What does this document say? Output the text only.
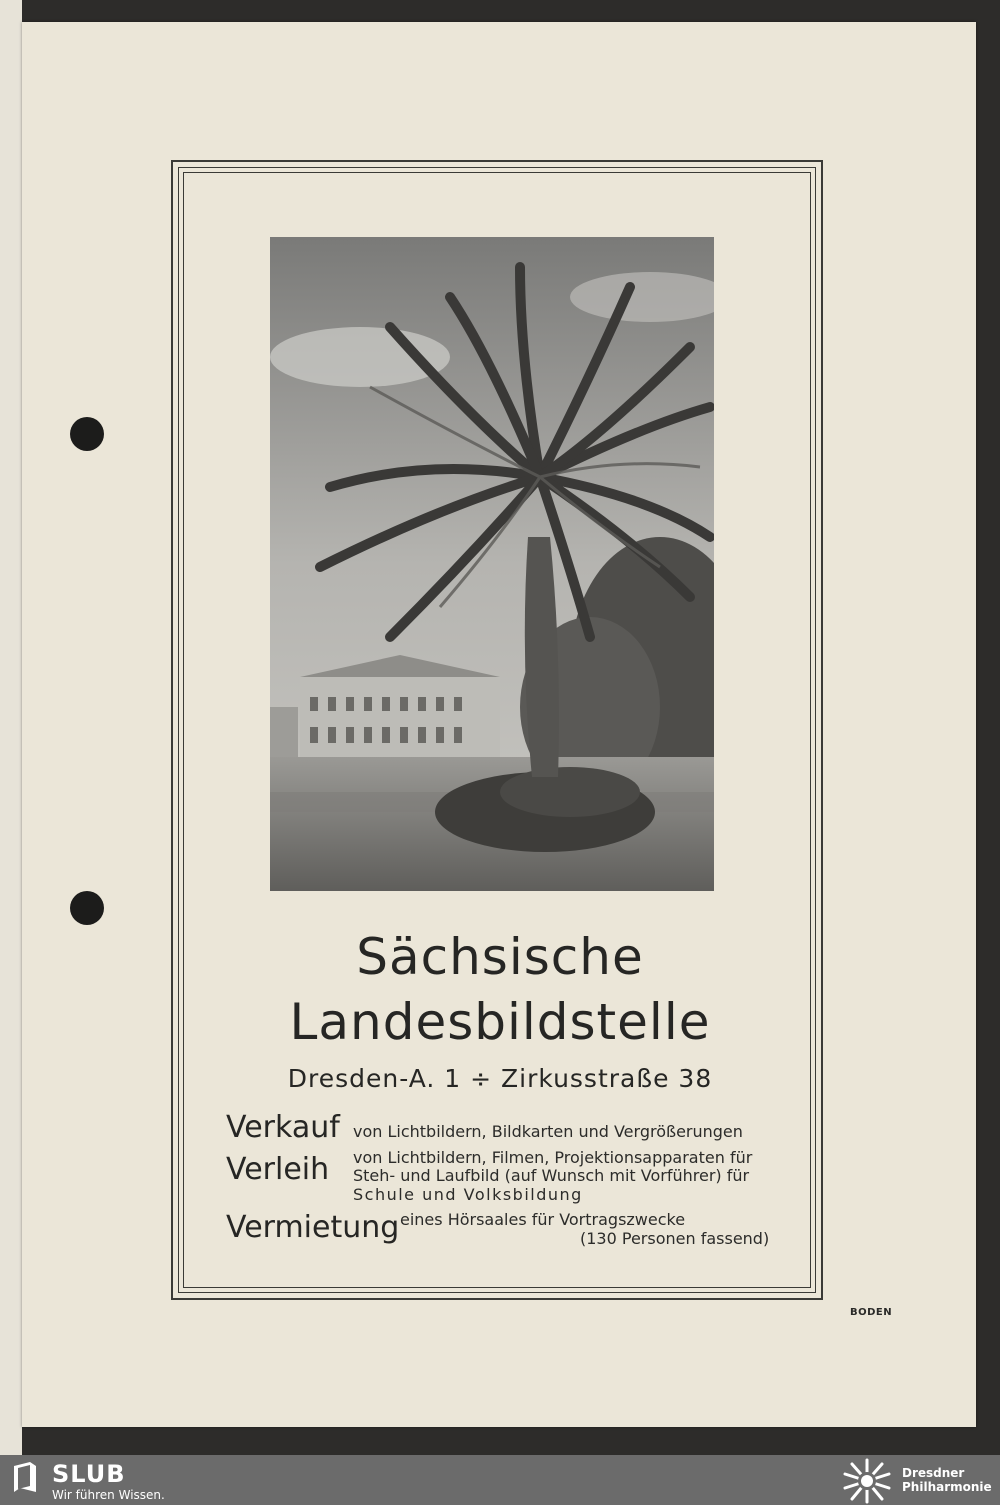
BODEN
Sächsische
Landesbildstelle
Dresden-A. 1 ÷ Zirkusstraße 38
Verkauf von Lichtbildern, Bildkarten und Vergrößerungen
Verleih von Lichtbildern, Filmen, Projektionsapparaten für
Steh- und Laufbild (auf Wunsch mit Vorführer) für
Schule und Volksbildung
Vermietung eines Hörsaales für Vortragszwecke
(130 Personen fassend)
SLUB
Wir führen Wissen.
Dresdner
Philharmonie
